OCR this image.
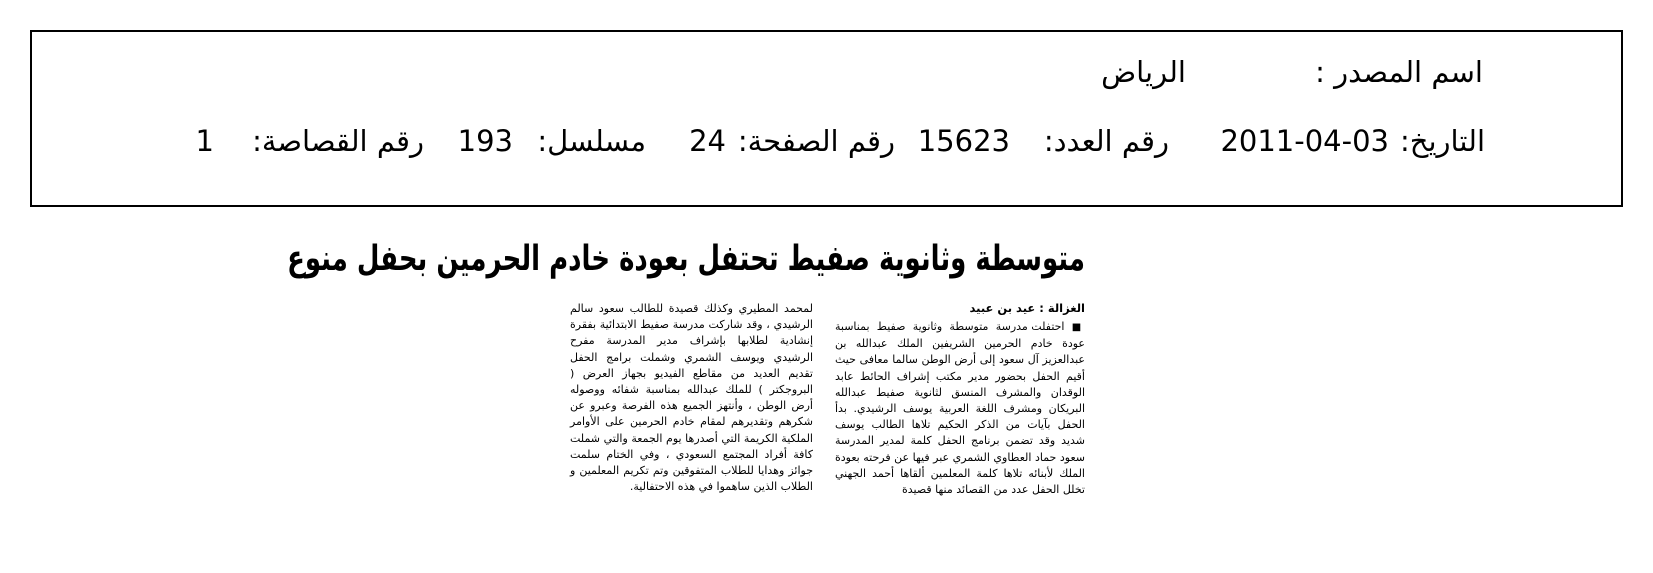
اسم المصدر :
الرياض
التاريخ:
2011-04-03
رقم العدد:
15623
رقم الصفحة:
24
مسلسل:
193
رقم القصاصة:
1
متوسطة وثانوية صفيط تحتفل بعودة خادم الحرمين بحفل منوع
الغزالة : عيد بن عبيد
■ احتفلت مدرسة متوسطة وثانوية صفيط بمناسبة عودة خادم الحرمين الشريفين الملك عبدالله بن عبدالعزيز آل سعود إلى أرض الوطن سالما معافى حيث أقيم الحفل بحضور مدير مكتب إشراف الحائط عابد الوقدان والمشرف المنسق لثانوية صفيط عبدالله البريكان ومشرف اللغة العربية يوسف الرشيدي. بدأ الحفل بآيات من الذكر الحكيم تلاها الطالب يوسف شديد وقد تضمن برنامج الحفل كلمة لمدير المدرسة سعود حماد العطاوي الشمري عبر فيها عن فرحته بعودة الملك لأبنائه تلاها كلمة المعلمين ألقاها أحمد الجهني تخلل الحفل عدد من القصائد منها قصيدة
لمحمد المطيري وكذلك قصيدة للطالب سعود سالم الرشيدي ، وقد شاركت مدرسة صفيط الابتدائية بفقرة إنشادية لطلابها بإشراف مدير المدرسة مفرح الرشيدي ويوسف الشمري وشملت برامج الحفل تقديم العديد من مقاطع الفيديو بجهاز العرض ( البروجكتر ) للملك عبدالله بمناسبة شفائه ووصوله أرض الوطن ، وأنتهز الجميع هذه الفرصة وعبرو عن شكرهم وتقديرهم لمقام خادم الحرمين على الأوامر الملكية الكريمة التي أصدرها يوم الجمعة والتي شملت كافة أفراد المجتمع السعودي ، وفي الختام سلمت جوائز وهدايا للطلاب المتفوقين وتم تكريم المعلمين و الطلاب الذين ساهموا في هذه الاحتفالية.
